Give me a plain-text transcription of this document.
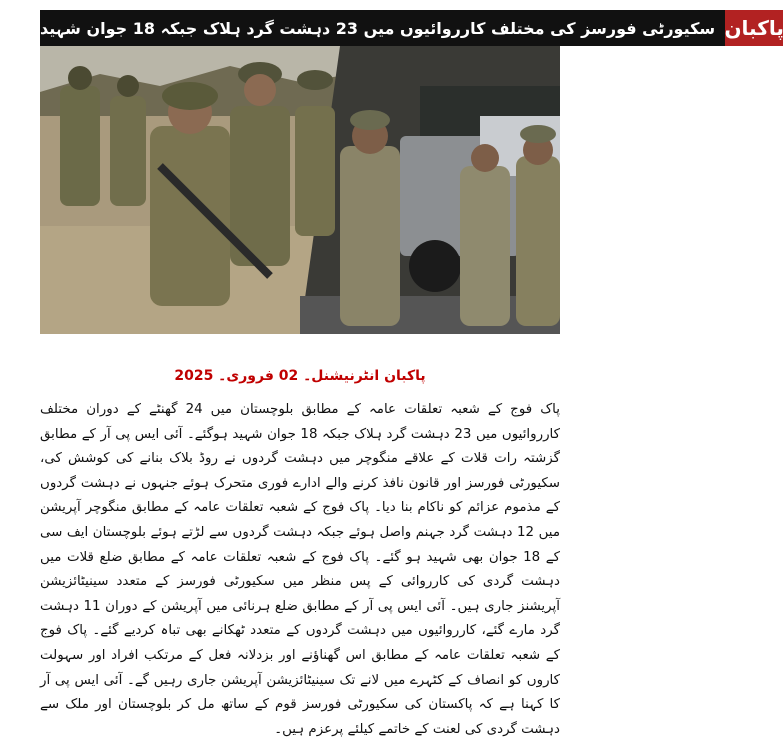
سکیورٹی فورسز کی مختلف کارروائیوں میں 23 دہشت گرد ہلاک جبکہ 18 جوان شہید پاکبان
پاکبان انٹرنیشنل۔ 02 فروری۔ 2025
پاک فوج کے شعبہ تعلقات عامہ کے مطابق بلوچستان میں 24 گھنٹے کے دوران مختلف کارروائیوں میں 23 دہشت گرد ہلاک جبکہ 18 جوان شہید ہوگئے۔ آئی ایس پی آر کے مطابق گزشتہ رات قلات کے علاقے منگوچر میں دہشت گردوں نے روڈ بلاک بنانے کی کوشش کی، سکیورٹی فورسز اور قانون نافذ کرنے والے ادارے فوری متحرک ہوئے جنہوں نے دہشت گردوں کے مذموم عزائم کو ناکام بنا دیا۔ پاک فوج کے شعبہ تعلقات عامہ کے مطابق منگوچر آپریشن میں 12 دہشت گرد جہنم واصل ہوئے جبکہ دہشت گردوں سے لڑتے ہوئے بلوچستان ایف سی کے 18 جوان بھی شہید ہو گئے۔ پاک فوج کے شعبہ تعلقات عامہ کے مطابق ضلع قلات میں دہشت گردی کی کارروائی کے پس منظر میں سکیورٹی فورسز کے متعدد سینیٹائزیشن آپریشنز جاری ہیں۔ آئی ایس پی آر کے مطابق ضلع ہرنائی میں آپریشن کے دوران 11 دہشت گرد مارے گئے، کارروائیوں میں دہشت گردوں کے متعدد ٹھکانے بھی تباہ کردیے گئے۔ پاک فوج کے شعبہ تعلقات عامہ کے مطابق اس گھناؤنے اور بزدلانہ فعل کے مرتکب افراد اور سہولت کاروں کو انصاف کے کٹہرے میں لانے تک سینیٹائزیشن آپریشن جاری رہیں گے۔ آئی ایس پی آر کا کہنا ہے کہ پاکستان کی سکیورٹی فورسز قوم کے ساتھ مل کر بلوچستان اور ملک سے دہشت گردی کی لعنت کے خاتمے کیلئے پرعزم ہیں۔
